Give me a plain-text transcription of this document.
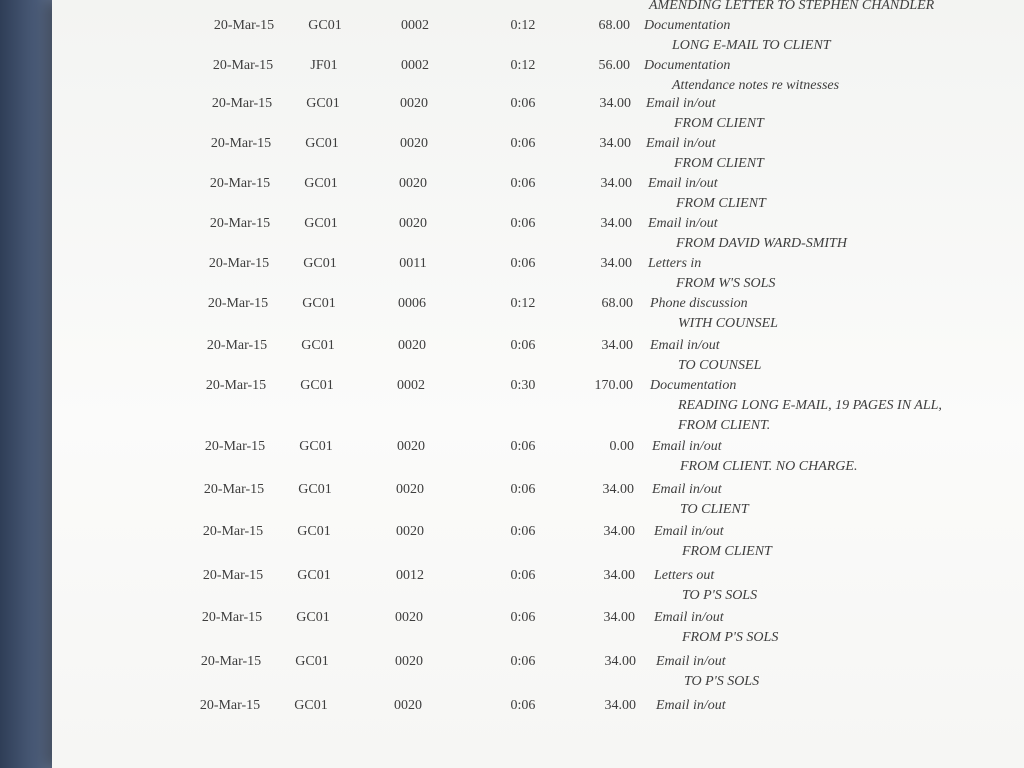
AMENDING LETTER TO STEPHEN CHANDLER
20-Mar-15	GC01	0002	0:12	68.00 Documentation
LONG E-MAIL TO CLIENT
20-Mar-15	JF01	0002	0:12	56.00 Documentation
Attendance notes re witnesses
20-Mar-15	GC01	0020	0:06	34.00 Email in/out
FROM CLIENT
20-Mar-15	GC01	0020	0:06	34.00 Email in/out
FROM CLIENT
20-Mar-15	GC01	0020	0:06	34.00 Email in/out
FROM CLIENT
20-Mar-15	GC01	0020	0:06	34.00 Email in/out
FROM DAVID WARD-SMITH
20-Mar-15	GC01	0011	0:06	34.00 Letters in
FROM W'S SOLS
20-Mar-15	GC01	0006	0:12	68.00 Phone discussion
WITH COUNSEL
20-Mar-15	GC01	0020	0:06	34.00 Email in/out
TO COUNSEL
20-Mar-15	GC01	0002	0:30	170.00 Documentation
READING LONG E-MAIL, 19 PAGES IN ALL,
FROM CLIENT.
20-Mar-15	GC01	0020	0:06	0.00 Email in/out
FROM CLIENT. NO CHARGE.
20-Mar-15	GC01	0020	0:06	34.00 Email in/out
TO CLIENT
20-Mar-15	GC01	0020	0:06	34.00 Email in/out
FROM CLIENT
20-Mar-15	GC01	0012	0:06	34.00 Letters out
TO P'S SOLS
20-Mar-15	GC01	0020	0:06	34.00 Email in/out
FROM P'S SOLS
20-Mar-15	GC01	0020	0:06	34.00 Email in/out
TO P'S SOLS
20-Mar-15	GC01	0020	0:06	34.00 Email in/out
